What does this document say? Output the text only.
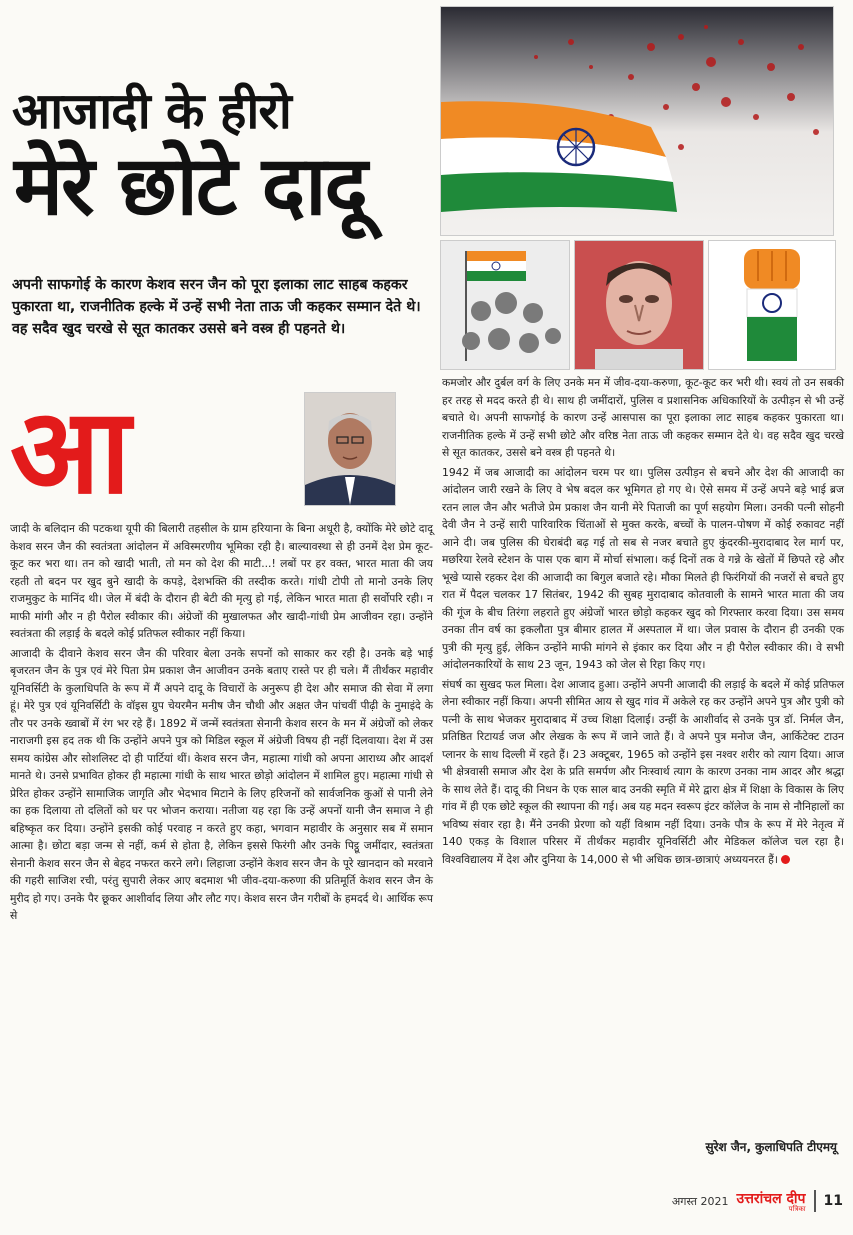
आजादी के हीरो
मेरे छोटे दादू
अपनी साफगोई के कारण केशव सरन जैन को पूरा इलाका लाट साहब कहकर पुकारता था, राजनीतिक हल्के में उन्हें सभी नेता ताऊ जी कहकर सम्मान देते थे। वह सदैव खुद चरखे से सूत कातकर उससे बने वस्त्र ही पहनते थे।
आ

जादी के बलिदान की पटकथा यूपी की बिलारी तहसील के ग्राम हरियाना के बिना अधूरी है, क्योंकि मेरे छोटे दादू केशव सरन जैन की स्वतंत्रता आंदोलन में अविस्मरणीय भूमिका रही है। बाल्यावस्था से ही उनमें देश प्रेम कूट-कूट कर भरा था। तन को खादी भाती, तो मन को देश की माटी...! लबों पर हर वक्त, भारत माता की जय रहती तो बदन पर खुद बुने खादी के कपड़े, देशभक्ति की तस्दीक करते। गांधी टोपी तो मानो उनके लिए राजमुकुट के मानिंद थी। जेल में बंदी के दौरान ही बेटी की मृत्यु हो गई, लेकिन भारत माता ही सर्वोपरि रही। न माफी मांगी और न ही पैरोल स्वीकार की। अंग्रेजों की मुखालफत और खादी-गांधी प्रेम आजीवन रहा। उन्होंने स्वतंत्रता की लड़ाई के बदले कोई प्रतिफल स्वीकार नहीं किया।

आजादी के दीवाने केशव सरन जैन की परिवार बेला उनके सपनों को साकार कर रही है। उनके बड़े भाई बृजरतन जैन के पुत्र एवं मेरे पिता प्रेम प्रकाश जैन आजीवन उनके बताए रास्ते पर ही चले। मैं तीर्थंकर महावीर यूनिवर्सिटी के कुलाधिपति के रूप में मैं अपने दादू के विचारों के अनुरूप ही देश और समाज की सेवा में लगा हूं। मेरे पुत्र एवं यूनिवर्सिटी के वॉइस ग्रुप चेयरमैन मनीष जैन चौथी और अक्षत जैन पांचवीं पीढ़ी के नुमाइंदे के तौर पर उनके ख्वाबों में रंग भर रहे हैं। 1892 में जन्में स्वतंत्रता सेनानी केशव सरन के मन में अंग्रेजों को लेकर नाराजगी इस हद तक थी कि उन्होंने अपने पुत्र को मिडिल स्कूल में अंग्रेजी विषय ही नहीं दिलवाया। देश में उस समय कांग्रेस और सोशलिस्ट दो ही पार्टियां थीं। केशव सरन जैन, महात्मा गांधी को अपना आराध्य और आदर्श मानते थे। उनसे प्रभावित होकर ही महात्मा गांधी के साथ भारत छोड़ो आंदोलन में शामिल हुए। महात्मा गांधी से प्रेरित होकर उन्होंने सामाजिक जागृति और भेदभाव मिटाने के लिए हरिजनों को सार्वजनिक कुओं से पानी लेने का हक दिलाया तो दलितों को घर पर भोजन कराया। नतीजा यह रहा कि उन्हें अपनों यानी जैन समाज ने ही बहिष्कृत कर दिया। उन्होंने इसकी कोई परवाह न करते हुए कहा, भगवान महावीर के अनुसार सब में समान आत्मा है। छोटा बड़ा जन्म से नहीं, कर्म से होता है, लेकिन इससे फिरंगी और उनके पिट्ठू जमींदार, स्वतंत्रता सेनानी केशव सरन जैन से बेहद नफरत करने लगे। लिहाजा उन्होंने केशव सरन जैन के पूरे खानदान को मरवाने की गहरी साजिश रची, परंतु सुपारी लेकर आए बदमाश भी जीव-दया-करुणा की प्रतिमूर्ति केशव सरन जैन के मुरीद हो गए। उनके पैर छूकर आशीर्वाद लिया और लौट गए। केशव सरन जैन गरीबों के हमदर्द थे। आर्थिक रूप से

कमजोर और दुर्बल वर्ग के लिए उनके मन में जीव-दया-करुणा, कूट-कूट कर भरी थी। स्वयं तो उन सबकी हर तरह से मदद करते ही थे। साथ ही जमींदारों, पुलिस व प्रशासनिक अधिकारियों के उत्पीड़न से भी उन्हें बचाते थे। अपनी साफगोई के कारण उन्हें आसपास का पूरा इलाका लाट साहब कहकर पुकारता था। राजनीतिक हल्के में उन्हें सभी छोटे और वरिष्ठ नेता ताऊ जी कहकर सम्मान देते थे। वह सदैव खुद चरखे से सूत कातकर, उससे बने वस्त्र ही पहनते थे।

1942 में जब आजादी का आंदोलन चरम पर था। पुलिस उत्पीड़न से बचने और देश की आजादी का आंदोलन जारी रखने के लिए वे भेष बदल कर भूमिगत हो गए थे। ऐसे समय में उन्हें अपने बड़े भाई ब्रज रतन लाल जैन और भतीजे प्रेम प्रकाश जैन यानी मेरे पिताजी का पूर्ण सहयोग मिला। उनकी पत्नी सोहनी देवी जैन ने उन्हें सारी पारिवारिक चिंताओं से मुक्त करके, बच्चों के पालन-पोषण में कोई रुकावट नहीं आने दी। जब पुलिस की घेराबंदी बढ़ गई तो सब से नजर बचाते हुए कुंदरकी-मुरादाबाद रेल मार्ग पर, मछरिया रेलवे स्टेशन के पास एक बाग में मोर्चा संभाला। कई दिनों तक वे गन्ने के खेतों में छिपते रहे और भूखे प्यासे रहकर देश की आजादी का बिगुल बजाते रहे। मौका मिलते ही फिरंगियों की नजरों से बचते हुए रात में पैदल चलकर 17 सितंबर, 1942 की सुबह मुरादाबाद कोतवाली के सामने भारत माता की जय की गूंज के बीच तिरंगा लहराते हुए अंग्रेजों भारत छोड़ो कहकर खुद को गिरफ्तार करवा दिया। उस समय उनका तीन वर्ष का इकलौता पुत्र बीमार हालत में अस्पताल में था। जेल प्रवास के दौरान ही उनकी एक पुत्री की मृत्यु हुई, लेकिन उन्होंने माफी मांगने से इंकार कर दिया और न ही पैरोल स्वीकार की। वे सभी आंदोलनकारियों के साथ 23 जून, 1943 को जेल से रिहा किए गए।

संघर्ष का सुखद फल मिला। देश आजाद हुआ। उन्होंने अपनी आजादी की लड़ाई के बदले में कोई प्रतिफल लेना स्वीकार नहीं किया। अपनी सीमित आय से खुद गांव में अकेले रह कर उन्होंने अपने पुत्र और पुत्री को पत्नी के साथ भेजकर मुरादाबाद में उच्च शिक्षा दिलाई। उन्हीं के आशीर्वाद से उनके पुत्र डॉ. निर्मल जैन, प्रतिष्ठित रिटायर्ड जज और लेखक के रूप में जाने जाते हैं। वे अपने पुत्र मनोज जैन, आर्किटेक्ट टाउन प्लानर के साथ दिल्ली में रहते हैं। 23 अक्टूबर, 1965 को उन्होंने इस नश्वर शरीर को त्याग दिया। आज भी क्षेत्रवासी समाज और देश के प्रति समर्पण और निःस्वार्थ त्याग के कारण उनका नाम आदर और श्रद्धा के साथ लेते हैं। दादू की निधन के एक साल बाद उनकी स्मृति में मेरे द्वारा क्षेत्र में शिक्षा के विकास के लिए गांव में ही एक छोटे स्कूल की स्थापना की गई। अब यह मदन स्वरूप इंटर कॉलेज के नाम से नौनिहालों का भविष्य संवार रहा है। मैंने उनकी प्रेरणा को यहीं विश्राम नहीं दिया। उनके पौत्र के रूप में मेरे नेतृत्व में 140 एकड़ के विशाल परिसर में तीर्थंकर महावीर यूनिवर्सिटी और मेडिकल कॉलेज चल रहा है। विश्वविद्यालय में देश और दुनिया के 14,000 से भी अधिक छात्र-छात्राएं अध्ययनरत हैं।

सुरेश जैन, कुलाधिपति टीएमयू
अगस्त 2021 उत्तरांचल दीप
पत्रिका 11
